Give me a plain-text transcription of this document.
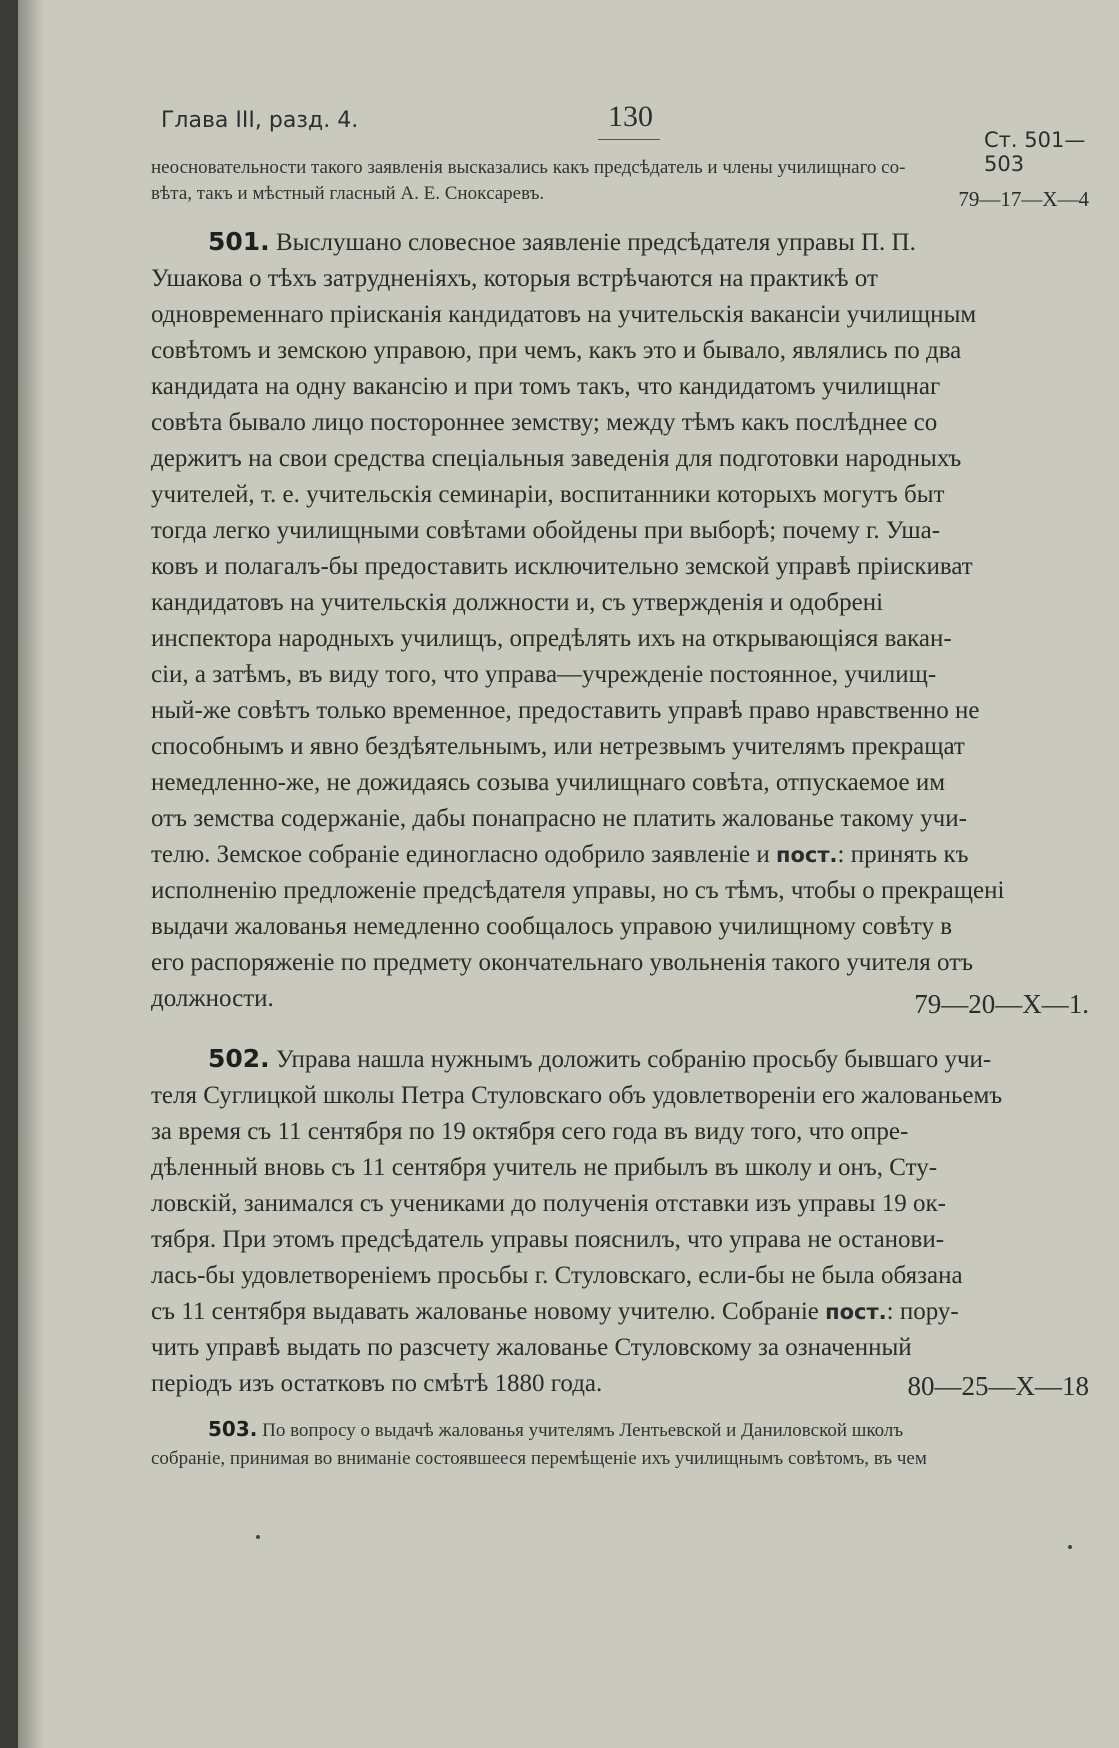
Глава III, разд. 4.	130
Ст. 501—503
неосновательности такого заявленія высказались какъ предсѣдатель и члены училищнаго со-
вѣта, такъ и мѣстный гласный А. Е. Снокcаревъ.	79—17—X—4
501. Выслушано словесное заявленіе предсѣдателя управы П. П.
Ушакова о тѣхъ затрудненіяхъ, которыя встрѣчаются на практикѣ от
одновременнаго пріисканія кандидатовъ на учительскія вакансіи училищным
совѣтомъ и земскою управою, при чемъ, какъ это и бывало, являлись по два
кандидата на одну вакансію и при томъ такъ, что кандидатомъ училищнаг
совѣта бывало лицо постороннее земству; между тѣмъ какъ послѣднее со
держитъ на свои средства спеціальныя заведенія для подготовки народныхъ
учителей, т. е. учительскія семинаріи, воспитанники которыхъ могутъ быт
тогда легко училищными совѣтами обойдены при выборѣ; почему г. Уша-
ковъ и полагалъ-бы предоставить исключительно земской управѣ пріискиват
кандидатовъ на учительскія должности и, съ утвержденія и одобрені
инспектора народныхъ училищъ, опредѣлять ихъ на открывающіяся вакан-
сіи, а затѣмъ, въ виду того, что управа—учрежденіе постоянное, училищ-
ный-же совѣтъ только временное, предоставить управѣ право нравственно не
способнымъ и явно бездѣятельнымъ, или нетрезвымъ учителямъ прекращат
немедленно-же, не дожидаясь созыва училищнаго совѣта, отпускаемое им
отъ земства содержаніе, дабы понапрасно не платить жалованье такому учи-
телю. Земское собраніе единогласно одобрило заявленіе и пост.: принять къ
исполненію предложеніе предсѣдателя управы, но съ тѣмъ, чтобы о прекращені
выдачи жалованья немедленно сообщалось управою училищному совѣту в
его распоряженіе по предмету окончательнаго увольненія такого учителя отъ
должности.	79—20—X—1.
502. Управа нашла нужнымъ доложить собранію просьбу бывшаго учи-
теля Суглицкой школы Петра Стуловскаго объ удовлетвореніи его жалованьемъ
за время съ 11 сентября по 19 октября сего года въ виду того, что опре-
дѣленный вновь съ 11 сентября учитель не прибылъ въ школу и онъ, Сту-
ловскій, занимался съ учениками до полученія отставки изъ управы 19 ок-
тября. При этомъ предсѣдатель управы пояснилъ, что управа не останови-
лась-бы удовлетвореніемъ просьбы г. Стуловскаго, если-бы не была обязана
съ 11 сентября выдавать жалованье новому учителю. Собраніе пост.: пору-
чить управѣ выдать по разсчету жалованье Стуловскому за означенный
періодъ изъ остатковъ по смѣтѣ 1880 года.	80—25—X—18
503. По вопросу о выдачѣ жалованья учителямъ Лентьевской и Даниловской школъ
собраніе, принимая во вниманіе состоявшееся перемѣщеніе ихъ училищнымъ совѣтомъ, въ чем
